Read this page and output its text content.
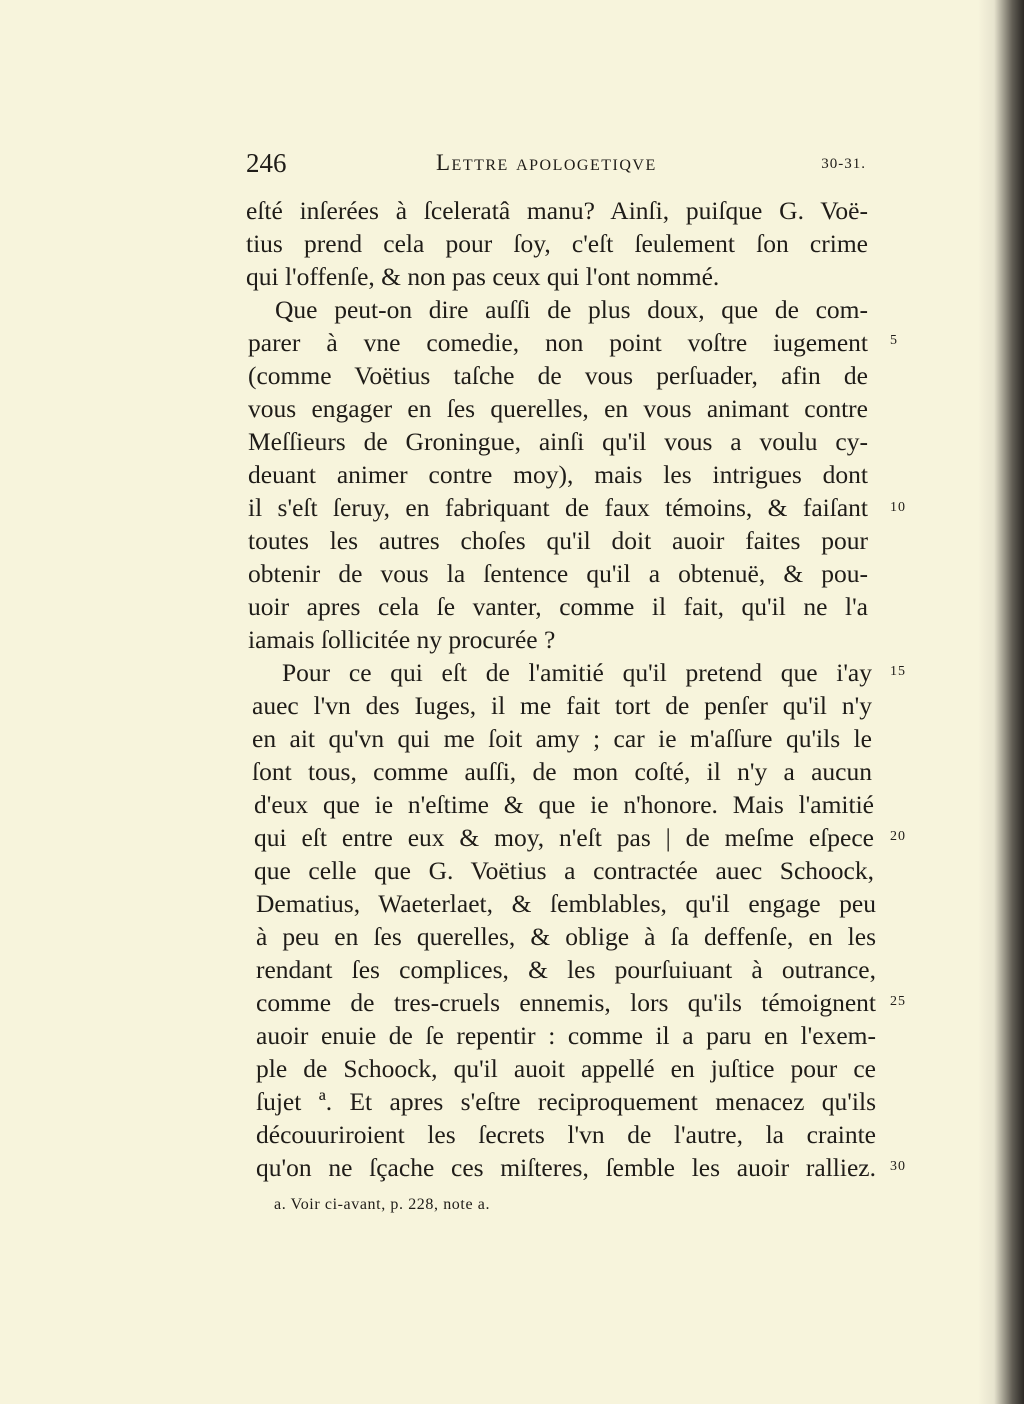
246	Lettre apologetiqve	30-31.
eſté inſerées à ſceleratâ manu? Ainſi, puiſque G. Voë-
tius prend cela pour ſoy, c'eſt ſeulement ſon crime
qui l'offenſe, & non pas ceux qui l'ont nommé.
Que peut-on dire auſſi de plus doux, que de com-
parer à vne comedie, non point voſtre iugement
(comme Voëtius taſche de vous perſuader, afin de
vous engager en ſes querelles, en vous animant contre
Meſſieurs de Groningue, ainſi qu'il vous a voulu cy-
deuant animer contre moy), mais les intrigues dont
il s'eſt ſeruy, en fabriquant de faux témoins, & faiſant
toutes les autres choſes qu'il doit auoir faites pour
obtenir de vous la ſentence qu'il a obtenuë, & pou-
uoir apres cela ſe vanter, comme il fait, qu'il ne l'a
iamais ſollicitée ny procurée ?
Pour ce qui eſt de l'amitié qu'il pretend que i'ay
auec l'vn des Iuges, il me fait tort de penſer qu'il n'y
en ait qu'vn qui me ſoit amy ; car ie m'aſſure qu'ils le
ſont tous, comme auſſi, de mon coſté, il n'y a aucun
d'eux que ie n'eſtime & que ie n'honore. Mais l'amitié
qui eſt entre eux & moy, n'eſt pas | de meſme eſpece
que celle que G. Voëtius a contractée auec Schoock,
Dematius, Waeterlaet, & ſemblables, qu'il engage peu
à peu en ſes querelles, & oblige à ſa deffenſe, en les
rendant ſes complices, & les pourſuiuant à outrance,
comme de tres-cruels ennemis, lors qu'ils témoignent
auoir enuie de ſe repentir : comme il a paru en l'exem-
ple de Schoock, qu'il auoit appellé en juſtice pour ce
ſujet ª. Et apres s'eſtre reciproquement menacez qu'ils
découuriroient les ſecrets l'vn de l'autre, la crainte
qu'on ne ſçache ces miſteres, ſemble les auoir ralliez.
5
10
15
20
25
30
a. Voir ci-avant, p. 228, note a.
